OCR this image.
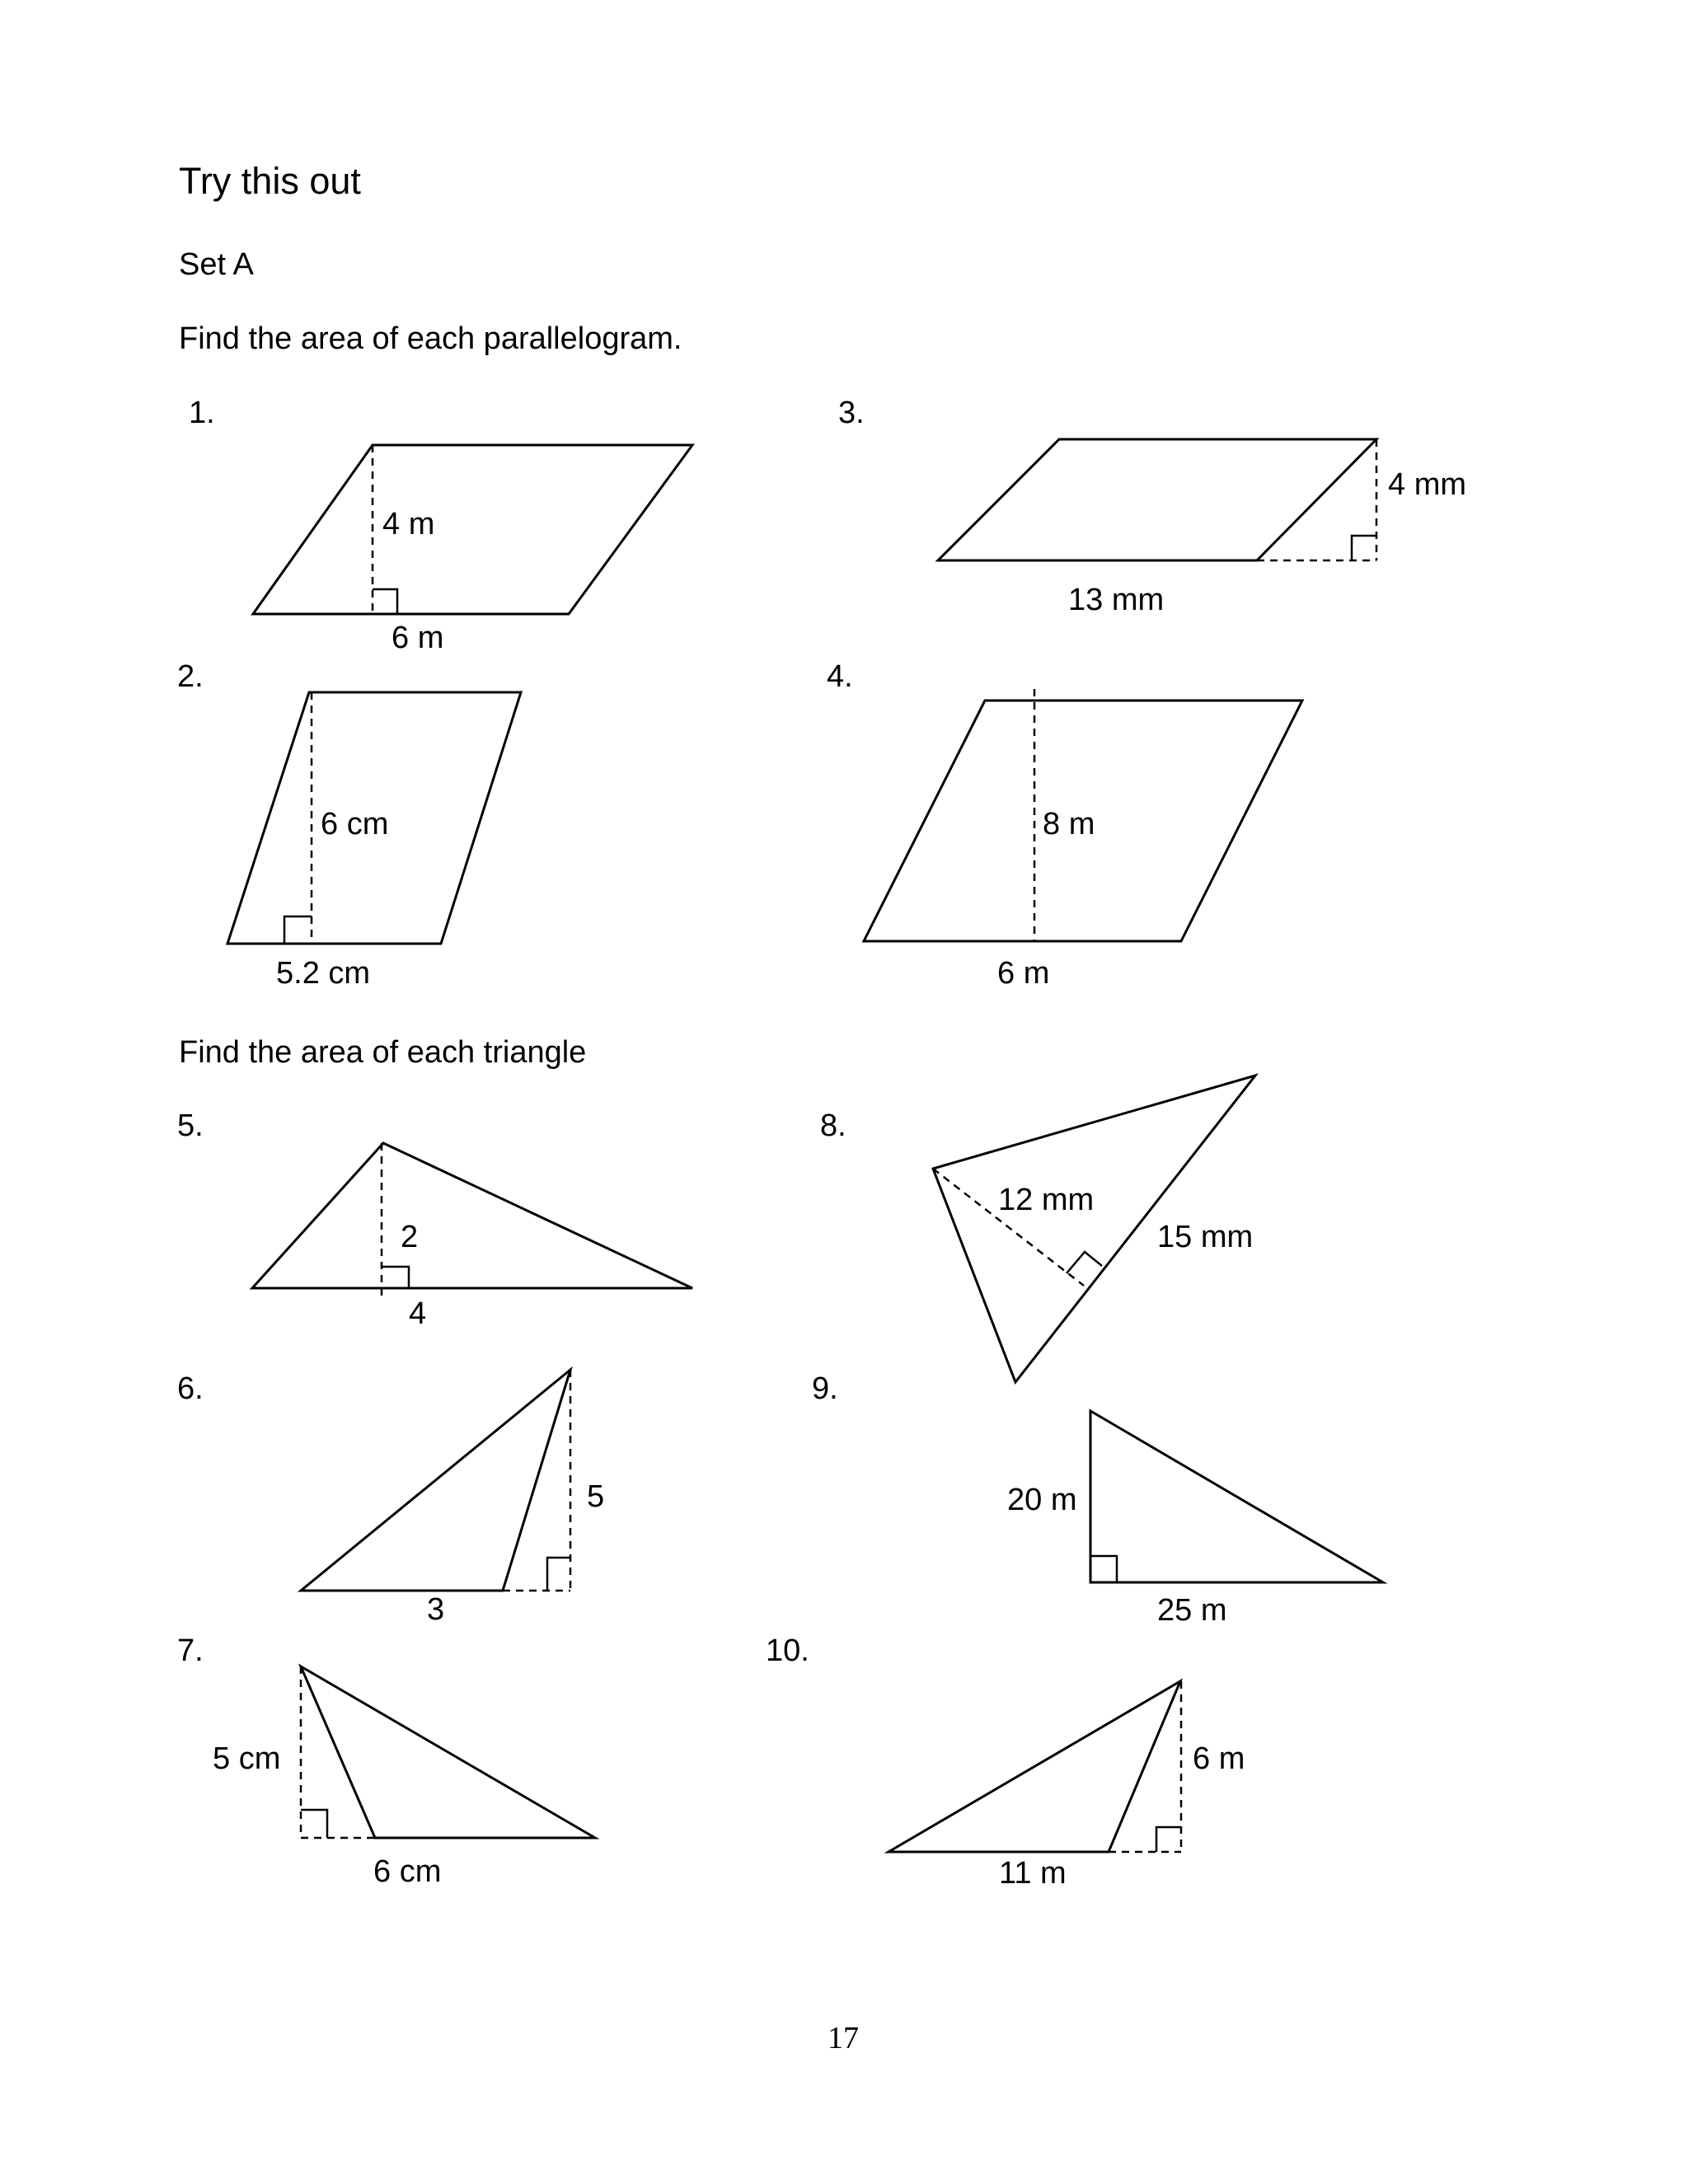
Try this out
Set A
Find the area of each parallelogram.
Find the area of each triangle
1.
4 m
6 m
2.
6 cm
5.2 cm
3.
4 mm
13 mm
4.
8 m
6 m
5.
2
4
6.
5
3
7.
5 cm
6 cm
8.
12 mm
15 mm
9.
20 m
25 m
10.
6 m
11 m
17
